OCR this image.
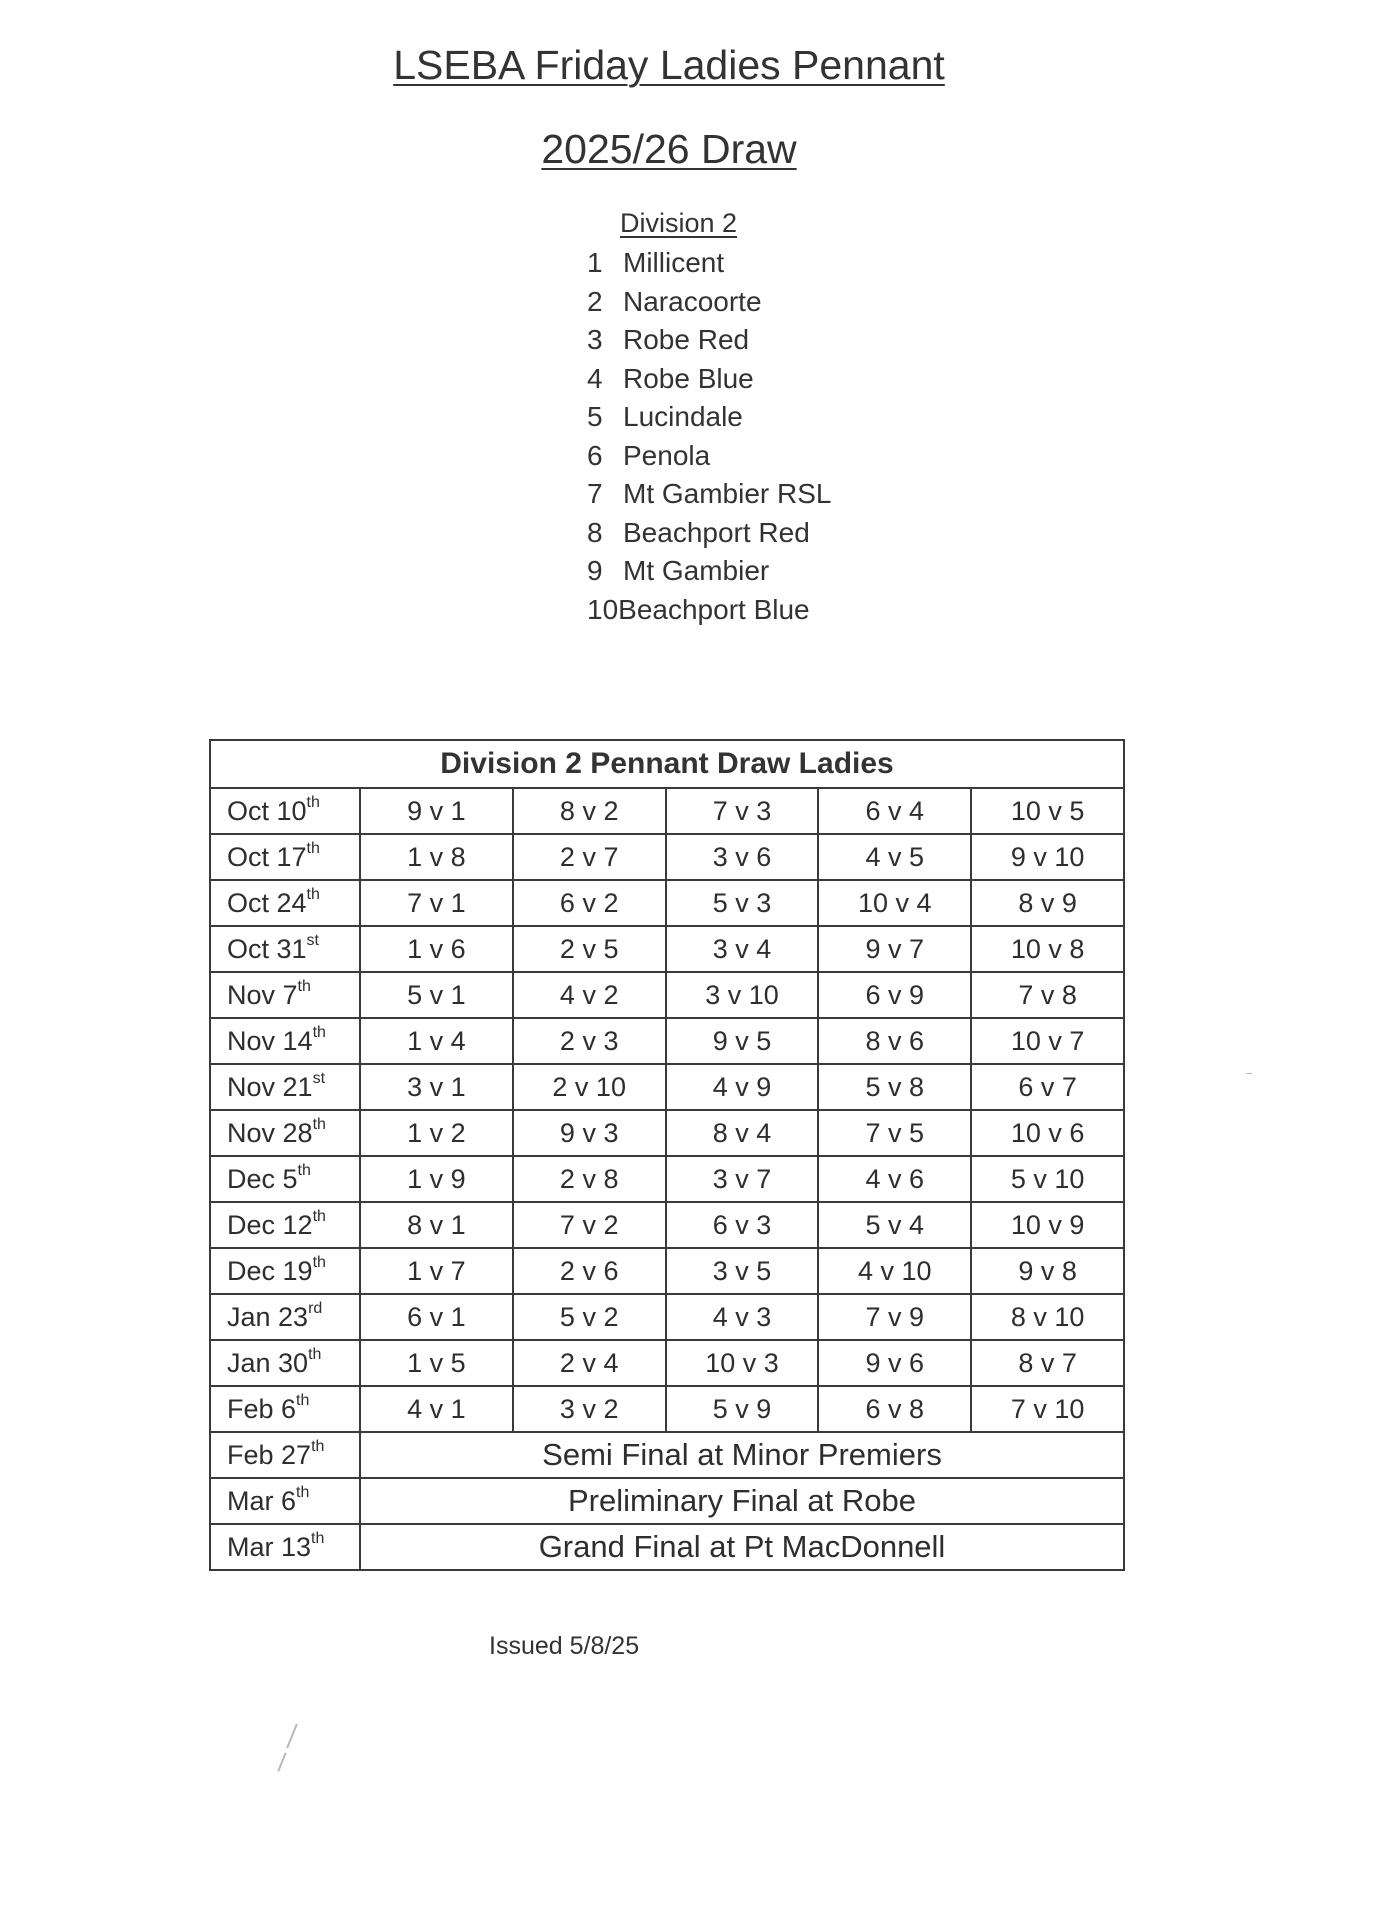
LSEBA Friday Ladies Pennant
2025/26 Draw
Division 2
1 Millicent
2 Naracoorte
3 Robe Red
4 Robe Blue
5 Lucindale
6 Penola
7 Mt Gambier RSL
8 Beachport Red
9 Mt Gambier
10Beachport Blue
Division 2 Pennant Draw Ladies					
Oct 10th	9 v 1	8 v 2	7 v 3	6 v 4	10 v 5
Oct 17th	1 v 8	2 v 7	3 v 6	4 v 5	9 v 10
Oct 24th	7 v 1	6 v 2	5 v 3	10 v 4	8 v 9
Oct 31st	1 v 6	2 v 5	3 v 4	9 v 7	10 v 8
Nov 7th	5 v 1	4 v 2	3 v 10	6 v 9	7 v 8
Nov 14th	1 v 4	2 v 3	9 v 5	8 v 6	10 v 7
Nov 21st	3 v 1	2 v 10	4 v 9	5 v 8	6 v 7
Nov 28th	1 v 2	9 v 3	8 v 4	7 v 5	10 v 6
Dec 5th	1 v 9	2 v 8	3 v 7	4 v 6	5 v 10
Dec 12th	8 v 1	7 v 2	6 v 3	5 v 4	10 v 9
Dec 19th	1 v 7	2 v 6	3 v 5	4 v 10	9 v 8
Jan 23rd	6 v 1	5 v 2	4 v 3	7 v 9	8 v 10
Jan 30th	1 v 5	2 v 4	10 v 3	9 v 6	8 v 7
Feb 6th	4 v 1	3 v 2	5 v 9	6 v 8	7 v 10
Feb 27th	Semi Final at Minor Premiers				
Mar 6th	Preliminary Final at Robe				
Mar 13th	Grand Final at Pt MacDonnell				
Issued 5/8/25
